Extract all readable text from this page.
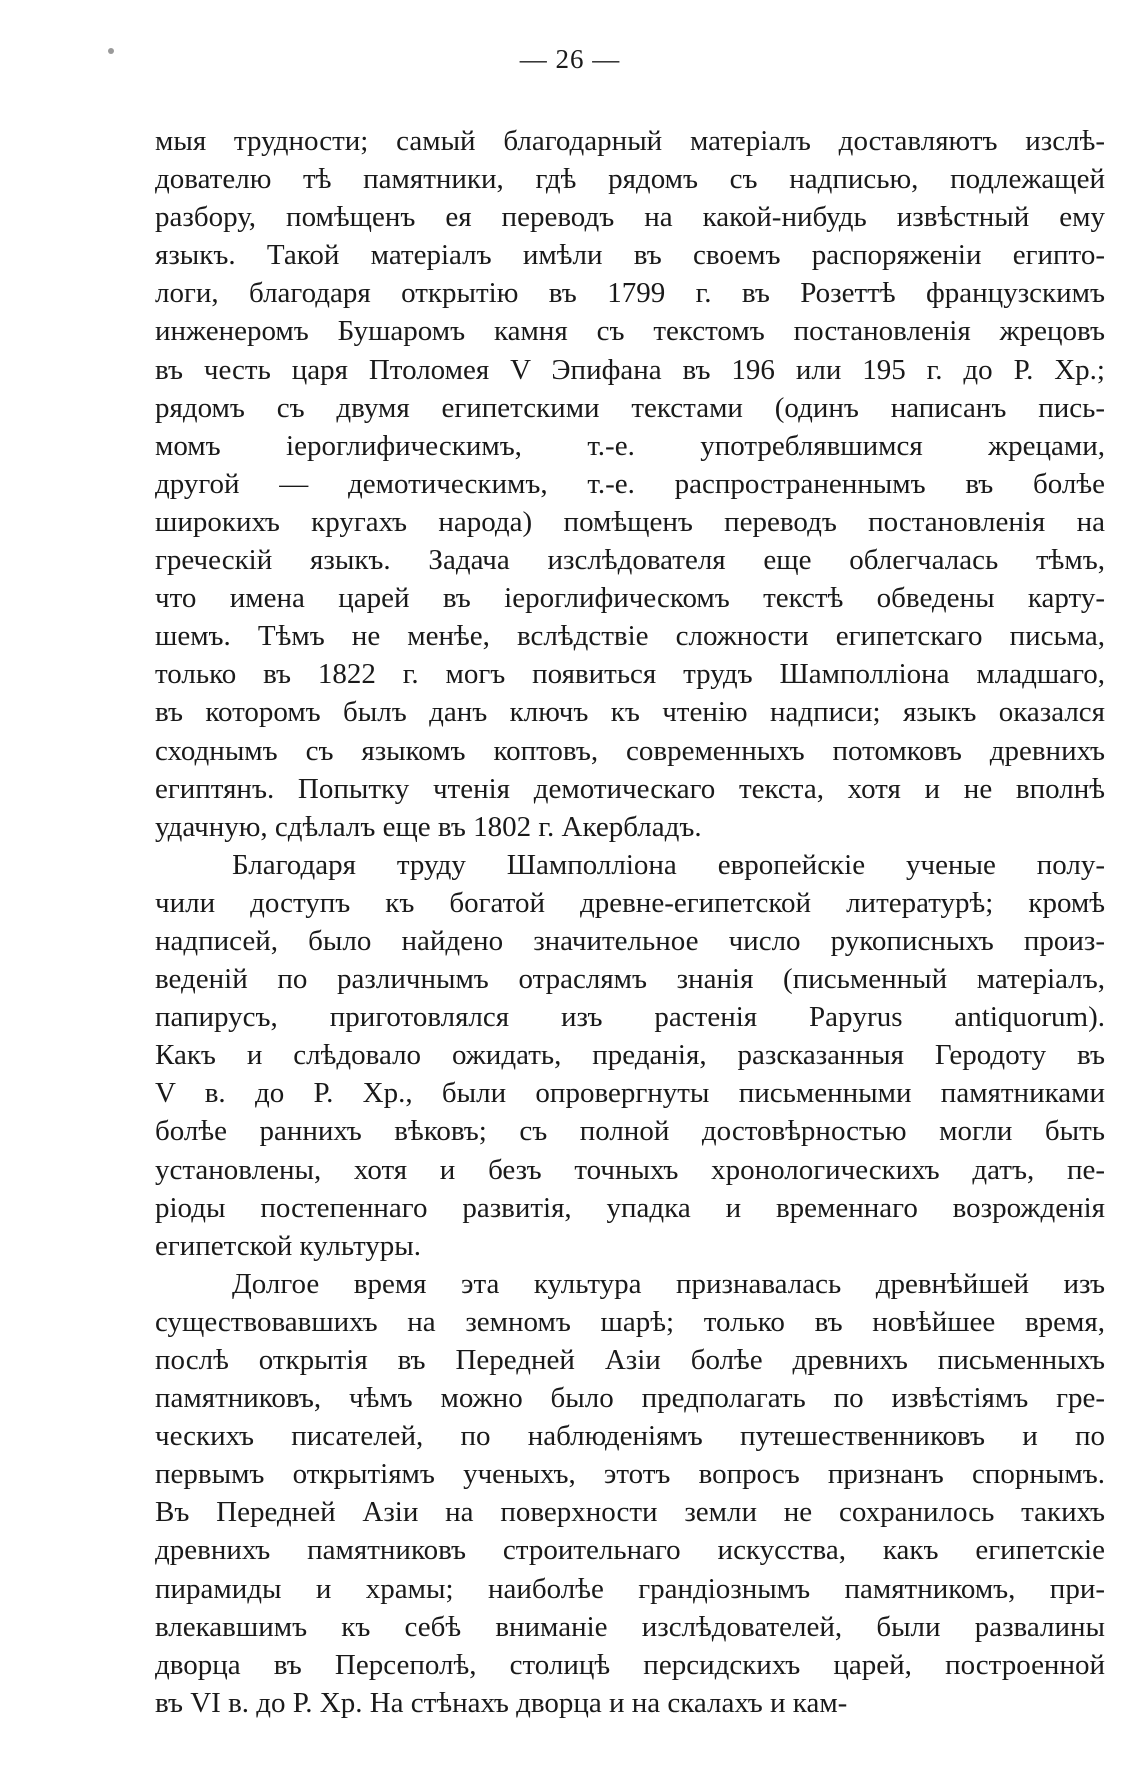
— 26 —
мыя трудности; самый благодарный матеріалъ доставляютъ изслѣ-
дователю тѣ памятники, гдѣ рядомъ съ надписью, подлежащей
разбору, помѣщенъ ея переводъ на какой-нибудь извѣстный ему
языкъ. Такой матеріалъ имѣли въ своемъ распоряженіи египто-
логи, благодаря открытію въ 1799 г. въ Розеттѣ французскимъ
инженеромъ Бушаромъ камня съ текстомъ постановленія жрецовъ
въ честь царя Птоломея V Эпифана въ 196 или 195 г. до Р. Хр.;
рядомъ съ двумя египетскими текстами (одинъ написанъ пись-
момъ іероглифическимъ, т.-е. употреблявшимся жрецами,
другой — демотическимъ, т.-е. распространеннымъ въ болѣе
широкихъ кругахъ народа) помѣщенъ переводъ постановленія на
греческій языкъ. Задача изслѣдователя еще облегчалась тѣмъ,
что имена царей въ іероглифическомъ текстѣ обведены карту-
шемъ. Тѣмъ не менѣе, вслѣдствіе сложности египетскаго письма,
только въ 1822 г. могъ появиться трудъ Шамполліона младшаго,
въ которомъ былъ данъ ключъ къ чтенію надписи; языкъ оказался
сходнымъ съ языкомъ коптовъ, современныхъ потомковъ древнихъ
египтянъ. Попытку чтенія демотическаго текста, хотя и не вполнѣ
удачную, сдѣлалъ еще въ 1802 г. Акербладъ.
Благодаря труду Шамполліона европейскіе ученые полу-
чили доступъ къ богатой древне-египетской литературѣ; кромѣ
надписей, было найдено значительное число рукописныхъ произ-
веденій по различнымъ отраслямъ знанія (письменный матеріалъ,
папирусъ, приготовлялся изъ растенія Papyrus antiquorum).
Какъ и слѣдовало ожидать, преданія, разсказанныя Геродоту въ
V в. до Р. Хр., были опровергнуты письменными памятниками
болѣе раннихъ вѣковъ; съ полной достовѣрностью могли быть
установлены, хотя и безъ точныхъ хронологическихъ датъ, пе-
ріоды постепеннаго развитія, упадка и временнаго возрожденія
египетской культуры.
Долгое время эта культура признавалась древнѣйшей изъ
существовавшихъ на земномъ шарѣ; только въ новѣйшее время,
послѣ открытія въ Передней Азіи болѣе древнихъ письменныхъ
памятниковъ, чѣмъ можно было предполагать по извѣстіямъ гре-
ческихъ писателей, по наблюденіямъ путешественниковъ и по
первымъ открытіямъ ученыхъ, этотъ вопросъ признанъ спорнымъ.
Въ Передней Азіи на поверхности земли не сохранилось такихъ
древнихъ памятниковъ строительнаго искусства, какъ египетскіе
пирамиды и храмы; наиболѣе грандіознымъ памятникомъ, при-
влекавшимъ къ себѣ вниманіе изслѣдователей, были развалины
дворца въ Персеполѣ, столицѣ персидскихъ царей, построенной
въ VI в. до Р. Хр. На стѣнахъ дворца и на скалахъ и кам-
